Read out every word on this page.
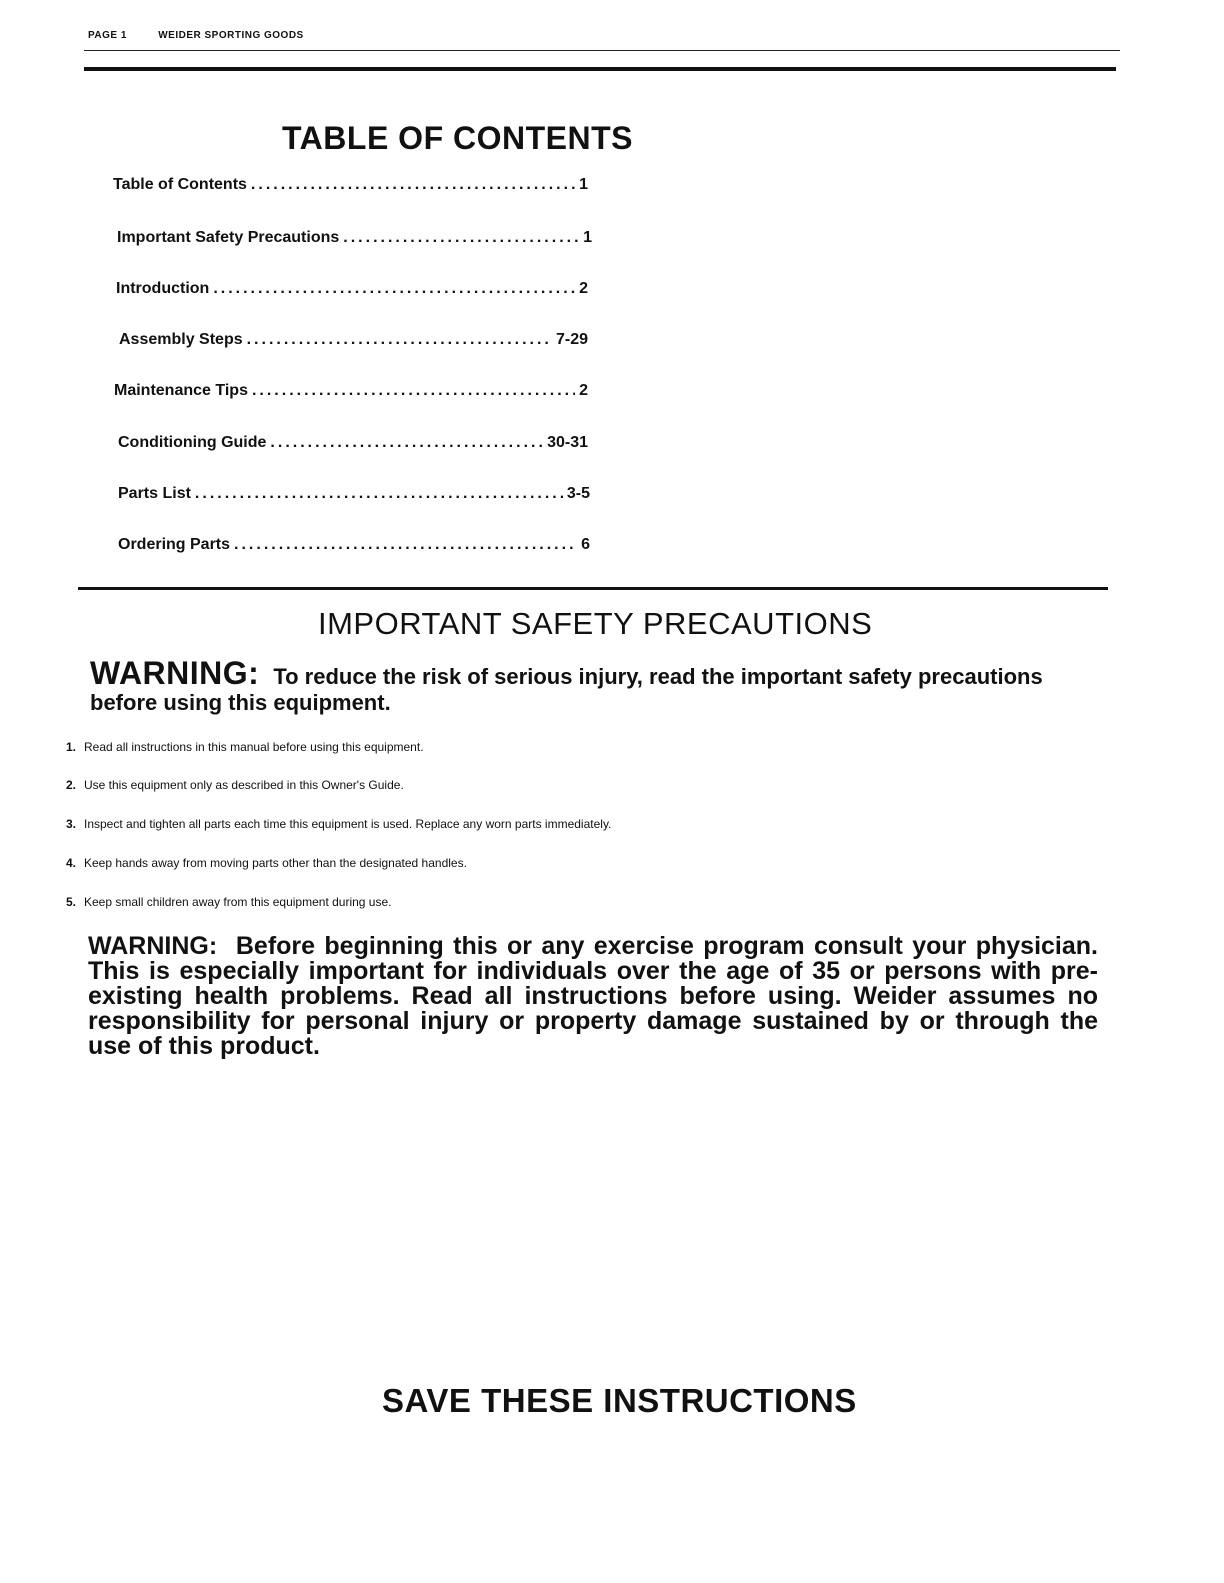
PAGE 1	WEIDER SPORTING GOODS
TABLE OF CONTENTS
Table of Contents .....	1
Important Safety Precautions .....	1
Introduction .....	2
Assembly Steps .....	7-29
Maintenance Tips .....	2
Conditioning Guide .....	30-31
Parts List .....	3-5
Ordering Parts .....	6
IMPORTANT SAFETY PRECAUTIONS
WARNING: To reduce the risk of serious injury, read the important safety precautions before using this equipment.
1. Read all instructions in this manual before using this equipment.
2. Use this equipment only as described in this Owner's Guide.
3. Inspect and tighten all parts each time this equipment is used. Replace any worn parts immediately.
4. Keep hands away from moving parts other than the designated handles.
5. Keep small children away from this equipment during use.
WARNING: Before beginning this or any exercise program consult your physician. This is especially important for individuals over the age of 35 or persons with pre-existing health problems. Read all instructions before using. Weider assumes no responsibility for personal injury or property damage sustained by or through the use of this product.
SAVE THESE INSTRUCTIONS
